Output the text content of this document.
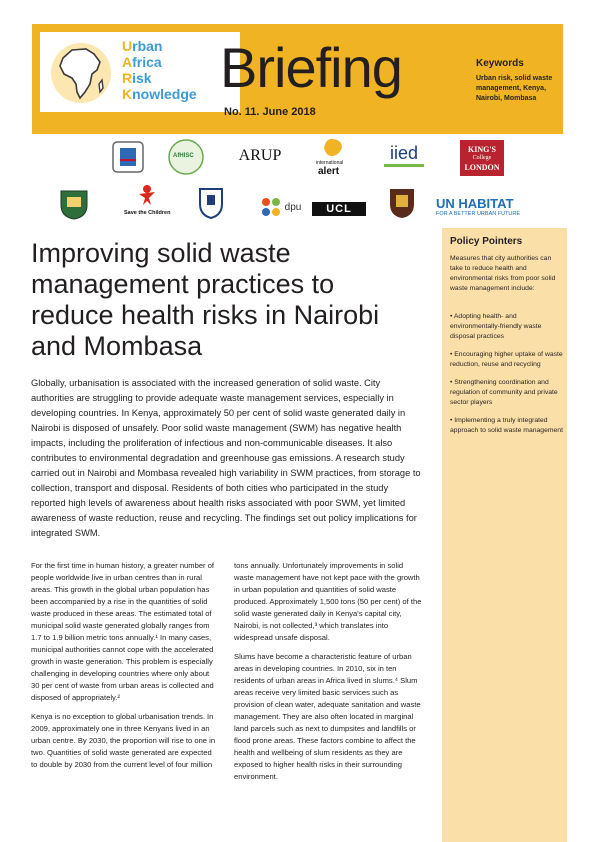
Urban
Africa
Risk
Knowledge Briefing
No. 11. June 2018
Keywords
Urban risk, solid waste management, Kenya, Nairobi, Mombasa
AfHISC	ARUP	international
alert
iied	KING'S
College
LONDON
Save the Children
dpu UCL	UN HABITAT
FOR A BETTER URBAN FUTURE
Improving solid waste management practices to reduce health risks in Nairobi and Mombasa

Globally, urbanisation is associated with the increased generation of solid waste. City authorities are struggling to provide adequate waste management services, especially in developing countries. In Kenya, approximately 50 per cent of solid waste generated daily in Nairobi is disposed of unsafely. Poor solid waste management (SWM) has negative health impacts, including the proliferation of infectious and non-communicable diseases. It also contributes to environmental degradation and greenhouse gas emissions. A research study carried out in Nairobi and Mombasa revealed high variability in SWM practices, from storage to collection, transport and disposal. Residents of both cities who participated in the study reported high levels of awareness about health risks associated with poor SWM, yet limited awareness of waste reduction, reuse and recycling. The findings set out policy implications for integrated SWM.

For the first time in human history, a greater number of people worldwide live in urban centres than in rural areas. This growth in the global urban population has been accompanied by a rise in the quantities of solid waste produced in these areas. The estimated total of municipal solid waste generated globally ranges from 1.7 to 1.9 billion metric tons annually.¹ In many cases, municipal authorities cannot cope with the accelerated growth in waste generation. This problem is especially challenging in developing countries where only about 30 per cent of waste from urban areas is collected and disposed of appropriately.²

Kenya is no exception to global urbanisation trends. In 2009, approximately one in three Kenyans lived in an urban centre. By 2030, the proportion will rise to one in two. Quantities of solid waste generated are expected to double by 2030 from the current level of four million

tons annually. Unfortunately improvements in solid waste management have not kept pace with the growth in urban population and quantities of solid waste produced. Approximately 1,500 tons (50 per cent) of the solid waste generated daily in Kenya's capital city, Nairobi, is not collected,³ which translates into widespread unsafe disposal.

Slums have become a characteristic feature of urban areas in developing countries. In 2010, six in ten residents of urban areas in Africa lived in slums.⁴ Slum areas receive very limited basic services such as provision of clean water, adequate sanitation and waste management. They are also often located in marginal land parcels such as next to dumpsites and landfills or flood prone areas. These factors combine to affect the health and wellbeing of slum residents as they are exposed to higher health risks in their surrounding environment.

Policy Pointers
Measures that city authorities can take to reduce health and environmental risks from poor solid waste management include:
• Adopting health- and environmentally-friendly waste disposal practices
• Encouraging higher uptake of waste reduction, reuse and recycling
• Strengthening coordination and regulation of community and private sector players
• Implementing a truly integrated approach to solid waste management
